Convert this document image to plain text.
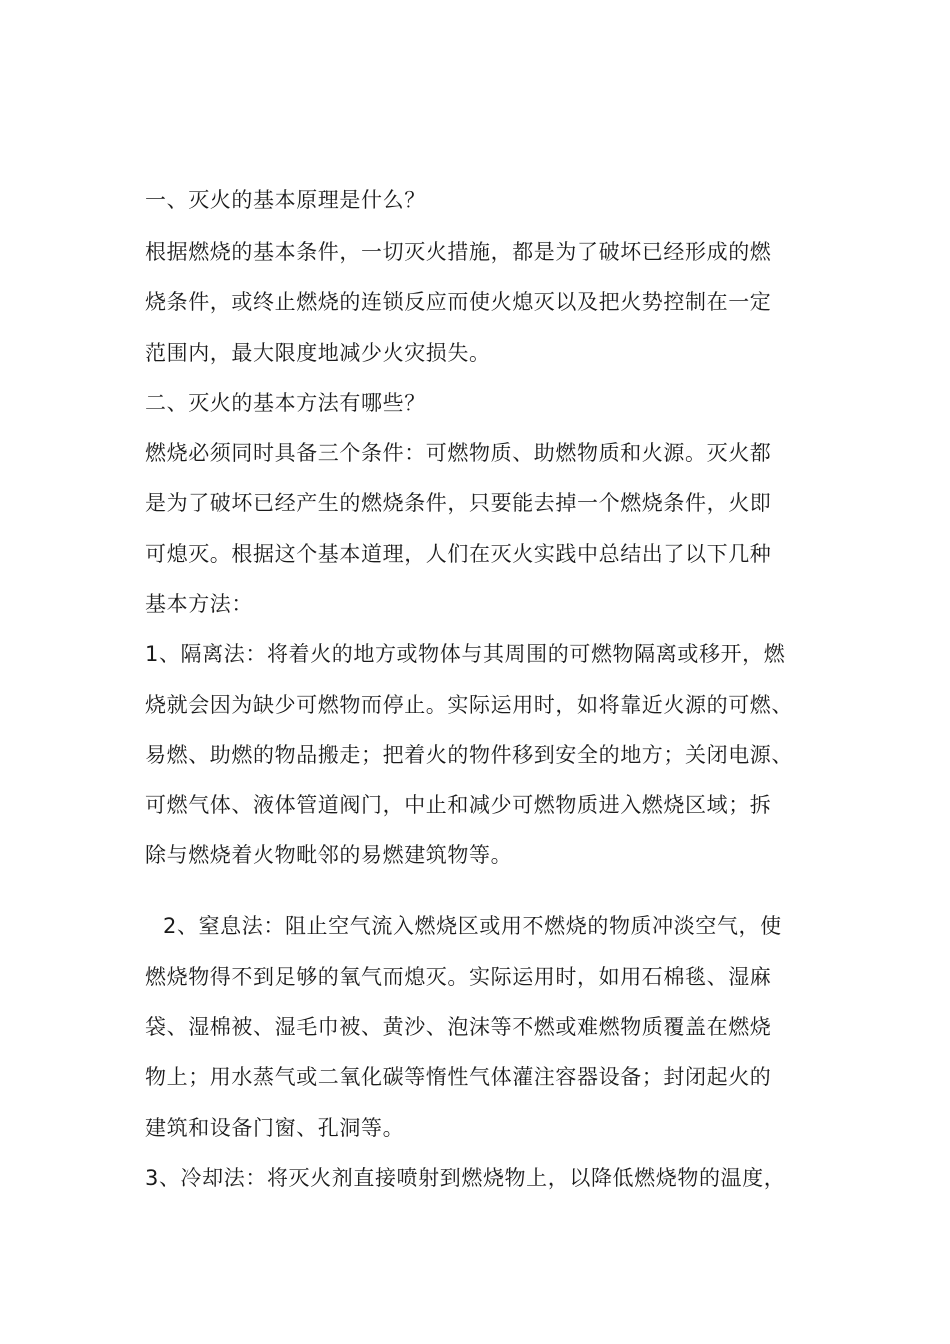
一、灭火的基本原理是什么？
根据燃烧的基本条件，一切灭火措施，都是为了破坏已经形成的燃
烧条件，或终止燃烧的连锁反应而使火熄灭以及把火势控制在一定
范围内，最大限度地减少火灾损失。
二、灭火的基本方法有哪些？
燃烧必须同时具备三个条件：可燃物质、助燃物质和火源。灭火都
是为了破坏已经产生的燃烧条件，只要能去掉一个燃烧条件，火即
可熄灭。根据这个基本道理，人们在灭火实践中总结出了以下几种
基本方法：
1、隔离法：将着火的地方或物体与其周围的可燃物隔离或移开，燃
烧就会因为缺少可燃物而停止。实际运用时，如将靠近火源的可燃、
易燃、助燃的物品搬走；把着火的物件移到安全的地方；关闭电源、
可燃气体、液体管道阀门，中止和减少可燃物质进入燃烧区域；拆
除与燃烧着火物毗邻的易燃建筑物等。
2、窒息法：阻止空气流入燃烧区或用不燃烧的物质冲淡空气，使
燃烧物得不到足够的氧气而熄灭。实际运用时，如用石棉毯、湿麻
袋、湿棉被、湿毛巾被、黄沙、泡沫等不燃或难燃物质覆盖在燃烧
物上；用水蒸气或二氧化碳等惰性气体灌注容器设备；封闭起火的
建筑和设备门窗、孔洞等。
3、冷却法：将灭火剂直接喷射到燃烧物上，以降低燃烧物的温度，
